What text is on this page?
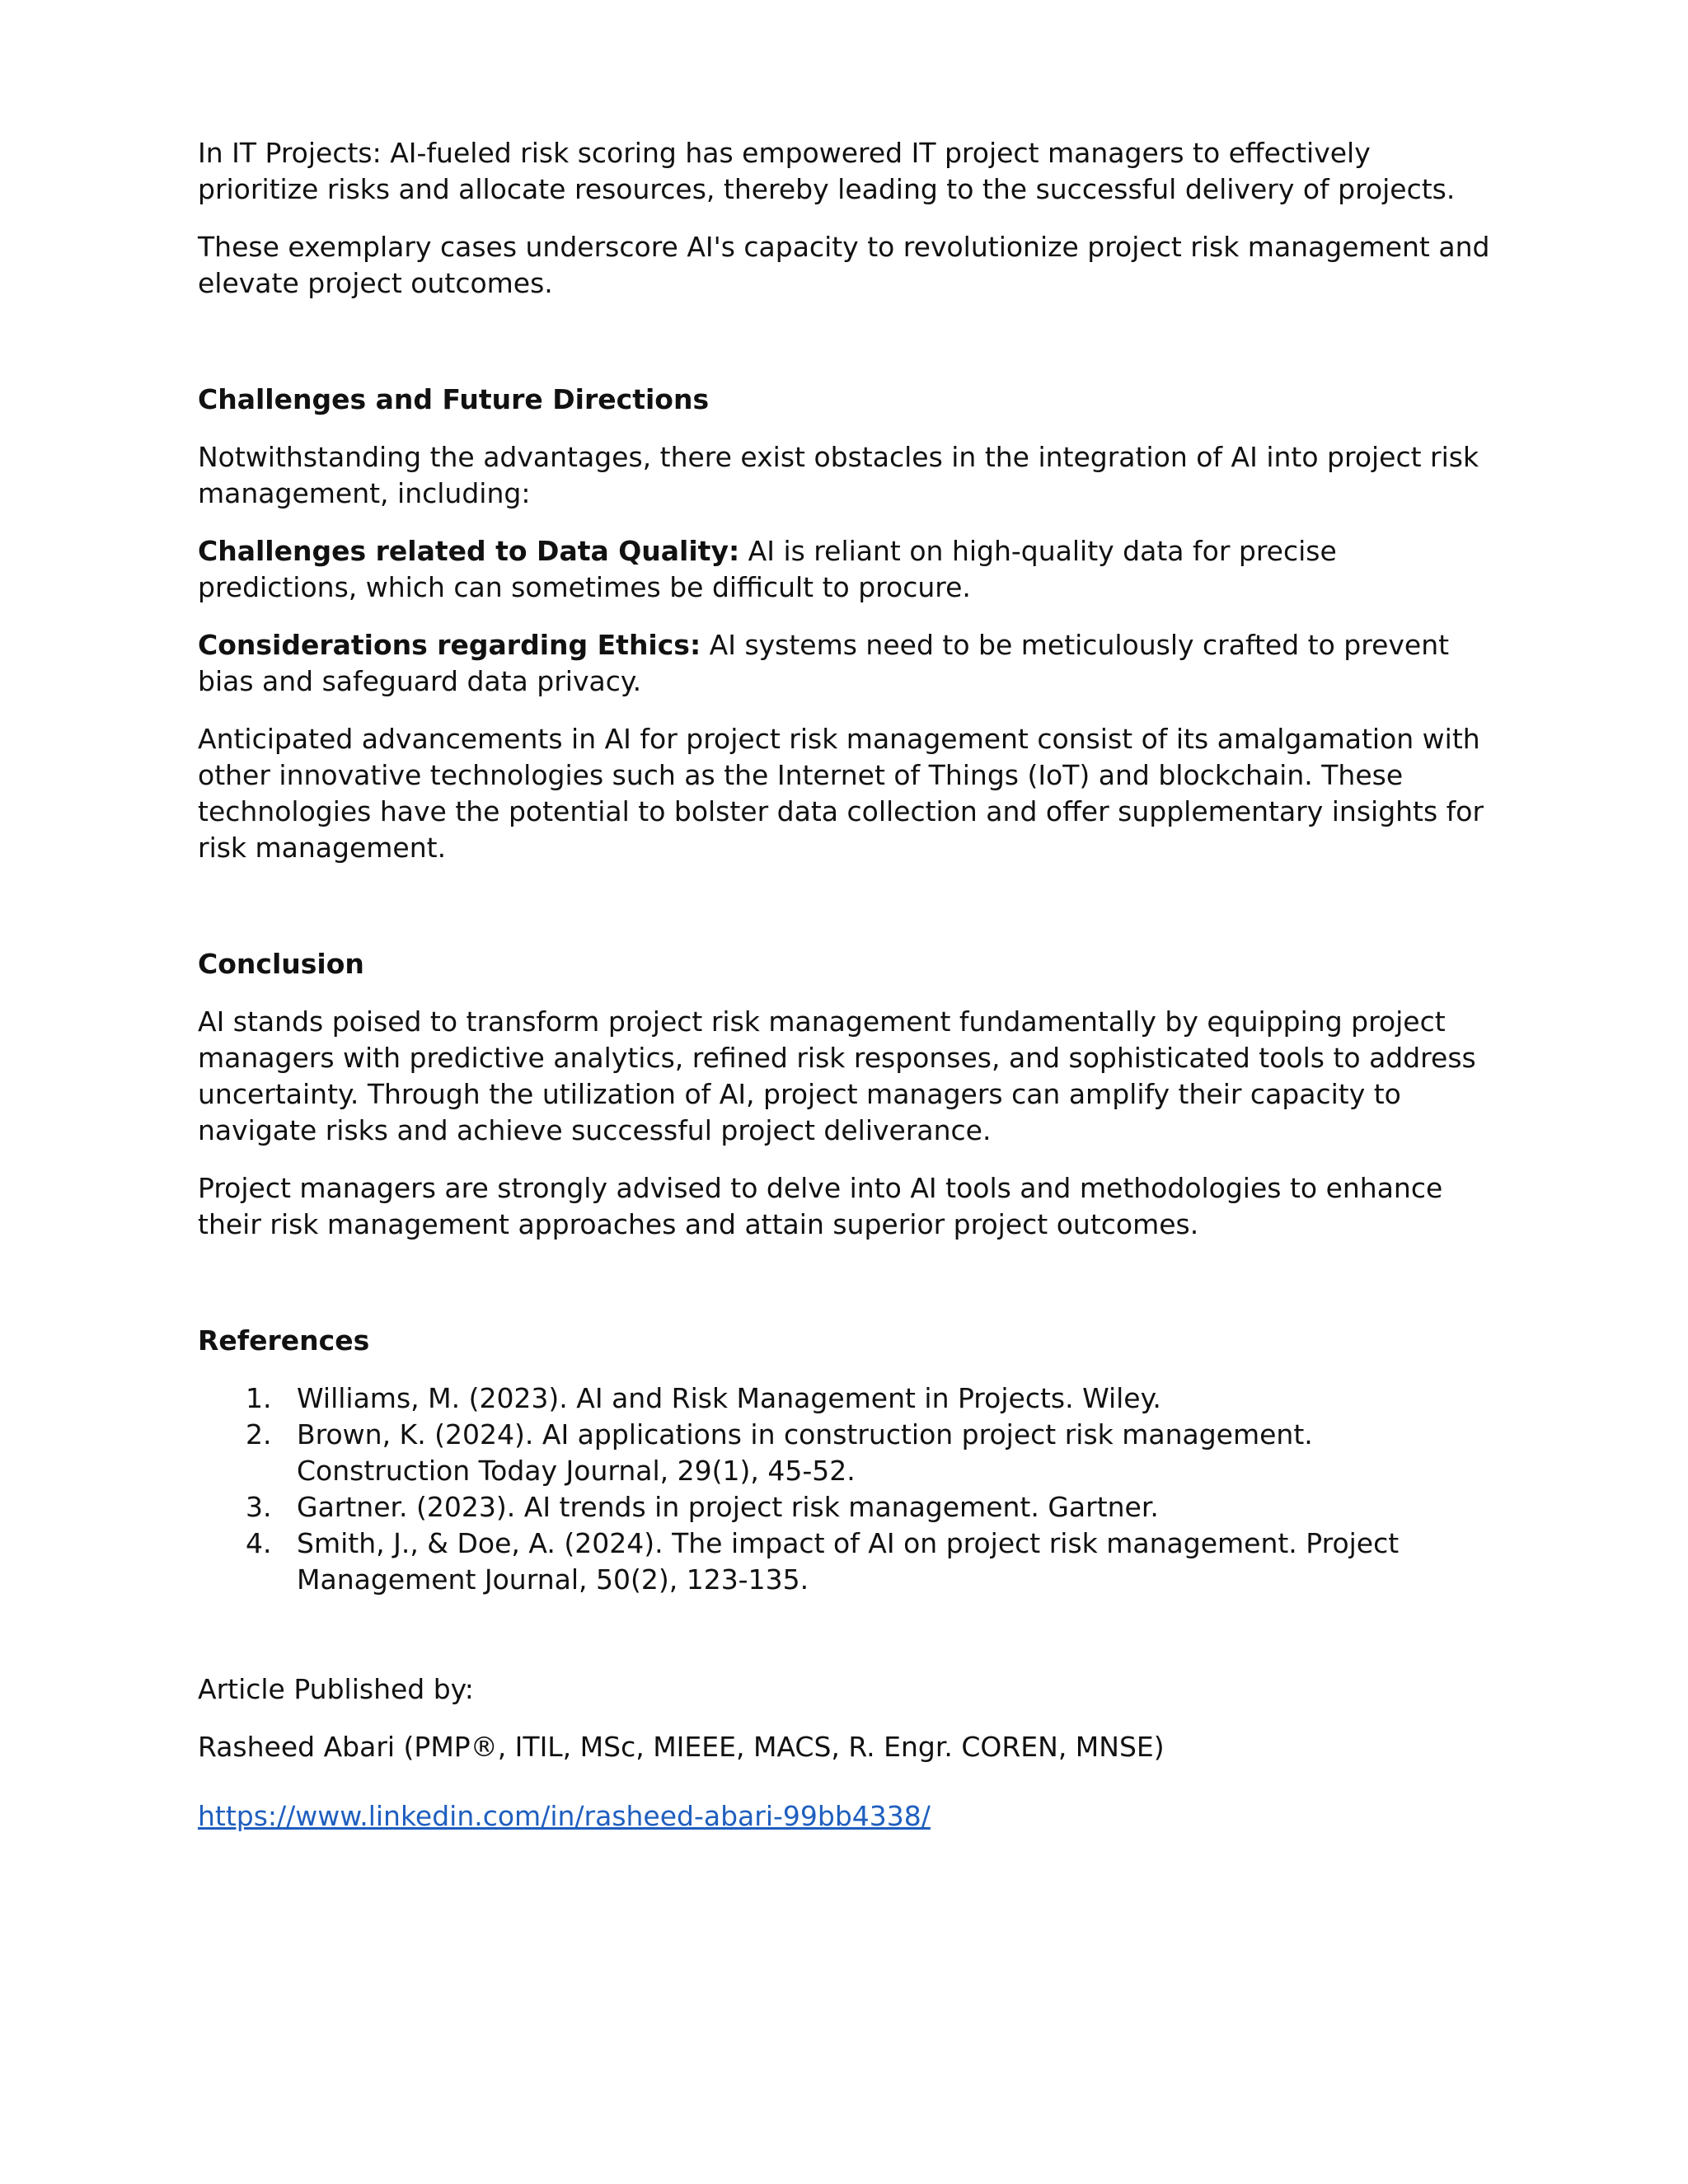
In IT Projects: AI-fueled risk scoring has empowered IT project managers to effectively prioritize risks and allocate resources, thereby leading to the successful delivery of projects.

These exemplary cases underscore AI's capacity to revolutionize project risk management and elevate project outcomes.

Challenges and Future Directions

Notwithstanding the advantages, there exist obstacles in the integration of AI into project risk management, including:

Challenges related to Data Quality: AI is reliant on high-quality data for precise predictions, which can sometimes be difficult to procure.

Considerations regarding Ethics: AI systems need to be meticulously crafted to prevent bias and safeguard data privacy.

Anticipated advancements in AI for project risk management consist of its amalgamation with other innovative technologies such as the Internet of Things (IoT) and blockchain. These technologies have the potential to bolster data collection and offer supplementary insights for risk management.

Conclusion

AI stands poised to transform project risk management fundamentally by equipping project managers with predictive analytics, refined risk responses, and sophisticated tools to address uncertainty. Through the utilization of AI, project managers can amplify their capacity to navigate risks and achieve successful project deliverance.

Project managers are strongly advised to delve into AI tools and methodologies to enhance their risk management approaches and attain superior project outcomes.

References
1. Williams, M. (2023). AI and Risk Management in Projects. Wiley.
2. Brown, K. (2024). AI applications in construction project risk management. Construction Today Journal, 29(1), 45-52.
3. Gartner. (2023). AI trends in project risk management. Gartner.
4. Smith, J., & Doe, A. (2024). The impact of AI on project risk management. Project Management Journal, 50(2), 123-135.

Article Published by:

Rasheed Abari (PMP®, ITIL, MSc, MIEEE, MACS, R. Engr. COREN, MNSE)

https://www.linkedin.com/in/rasheed-abari-99bb4338/
